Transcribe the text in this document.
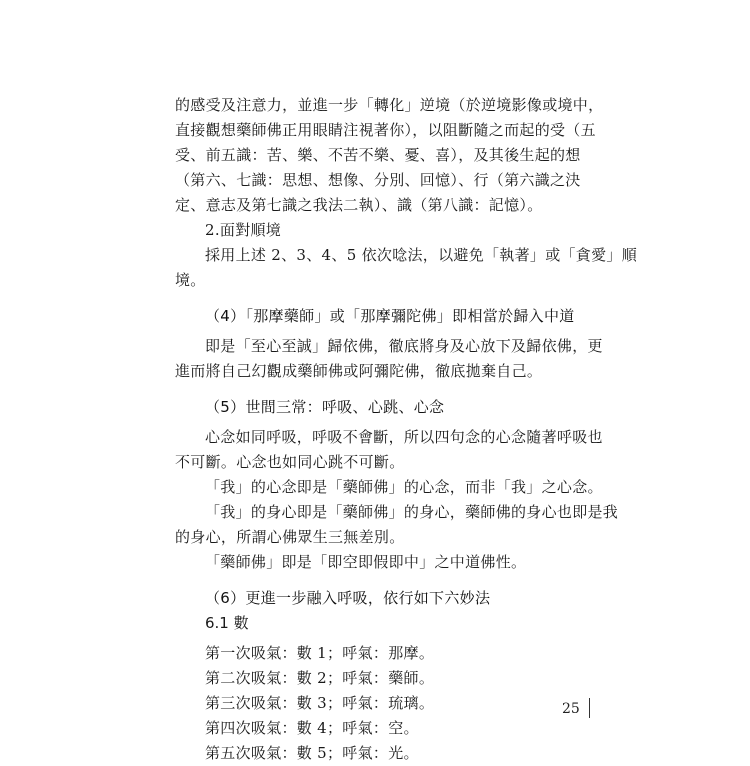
的感受及注意力，並進一步「轉化」逆境（於逆境影像或境中，

直接觀想藥師佛正用眼睛注視著你），以阻斷隨之而起的受（五

受、前五識：苦、樂、不苦不樂、憂、喜），及其後生起的想

（第六、七識：思想、想像、分別、回憶）、行（第六識之決

定、意志及第七識之我法二執）、識（第八識：記憶）。

2.面對順境

採用上述 2、3、4、5 依次唸法，以避免「執著」或「貪愛」順

境。

（4）「那摩藥師」或「那摩彌陀佛」即相當於歸入中道

即是「至心至誠」歸依佛，徹底將身及心放下及歸依佛，更

進而將自己幻觀成藥師佛或阿彌陀佛，徹底拋棄自己。

（5）世間三常：呼吸、心跳、心念

心念如同呼吸，呼吸不會斷，所以四句念的心念隨著呼吸也

不可斷。心念也如同心跳不可斷。

「我」的心念即是「藥師佛」的心念，而非「我」之心念。

「我」的身心即是「藥師佛」的身心，藥師佛的身心也即是我

的身心，所謂心佛眾生三無差別。

「藥師佛」即是「即空即假即中」之中道佛性。

（6）更進一步融入呼吸，依行如下六妙法

6.1 數

第一次吸氣：數 1；呼氣：那摩。

第二次吸氣：數 2；呼氣：藥師。

第三次吸氣：數 3；呼氣：琉璃。

第四次吸氣：數 4；呼氣：空。

第五次吸氣：數 5；呼氣：光。

25
